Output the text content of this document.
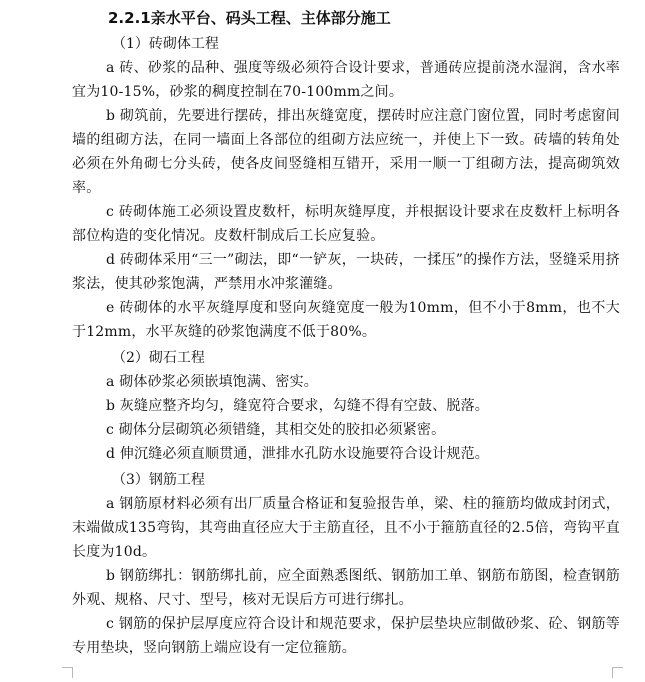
2.2.1亲水平台、码头工程、主体部分施工
（1）砖砌体工程

a 砖、砂浆的品种、强度等级必须符合设计要求，普通砖应提前浇水湿润，含水率宜为10-15%，砂浆的稠度控制在70-100mm之间。

b 砌筑前，先要进行摆砖，排出灰缝宽度，摆砖时应注意门窗位置，同时考虑窗间墙的组砌方法，在同一墙面上各部位的组砌方法应统一，并使上下一致。砖墙的转角处必须在外角砌七分头砖，使各皮间竖缝相互错开，采用一顺一丁组砌方法，提高砌筑效率。

c 砖砌体施工必须设置皮数杆，标明灰缝厚度，并根据设计要求在皮数杆上标明各部位构造的变化情况。皮数杆制成后工长应复验。

d 砖砌体采用“三一”砌法，即“一铲灰，一块砖，一揉压”的操作方法，竖缝采用挤浆法，使其砂浆饱满，严禁用水冲浆灌缝。

e 砖砌体的水平灰缝厚度和竖向灰缝宽度一般为10mm，但不小于8mm，也不大于12mm，水平灰缝的砂浆饱满度不低于80%。

（2）砌石工程

a 砌体砂浆必须嵌填饱满、密实。

b 灰缝应整齐均匀，缝宽符合要求，勾缝不得有空鼓、脱落。

c 砌体分层砌筑必须错缝，其相交处的胶扣必须紧密。

d 伸沉缝必须直顺贯通，泄排水孔防水设施要符合设计规范。

（3）钢筋工程

a 钢筋原材料必须有出厂质量合格证和复验报告单，梁、柱的箍筋均做成封闭式，末端做成135弯钩，其弯曲直径应大于主筋直径，且不小于箍筋直径的2.5倍，弯钩平直长度为10d。

b 钢筋绑扎：钢筋绑扎前，应全面熟悉图纸、钢筋加工单、钢筋布筋图，检查钢筋外观、规格、尺寸、型号，核对无误后方可进行绑扎。

c 钢筋的保护层厚度应符合设计和规范要求，保护层垫块应制做砂浆、砼、钢筋等专用垫块，竖向钢筋上端应设有一定位箍筋。
